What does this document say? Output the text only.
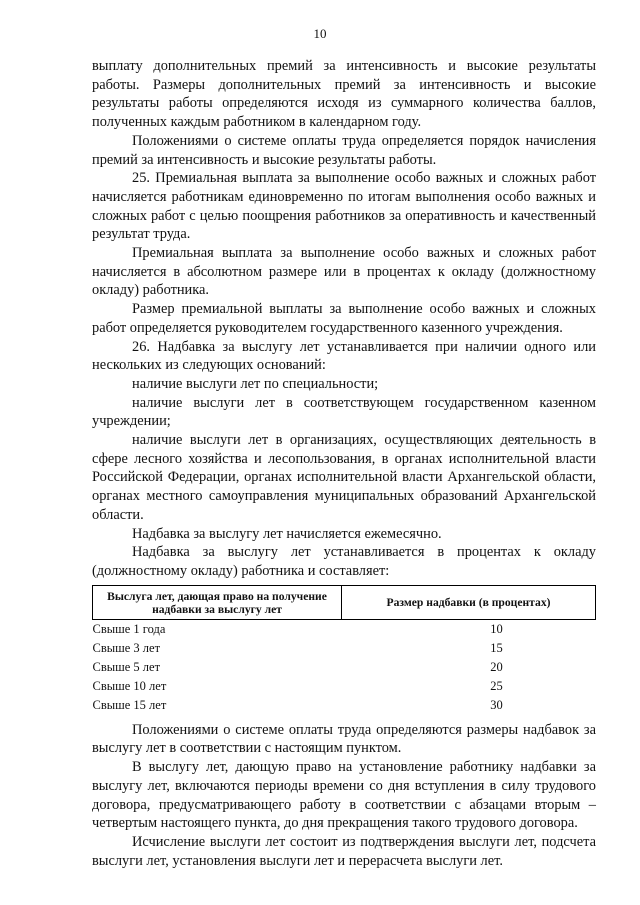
10

выплату дополнительных премий за интенсивность и высокие результаты работы. Размеры дополнительных премий за интенсивность и высокие результаты работы определяются исходя из суммарного количества баллов, полученных каждым работником в календарном году.

Положениями о системе оплаты труда определяется порядок начисления премий за интенсивность и высокие результаты работы.

25. Премиальная выплата за выполнение особо важных и сложных работ начисляется работникам единовременно по итогам выполнения особо важных и сложных работ с целью поощрения работников за оперативность и качественный результат труда.

Премиальная выплата за выполнение особо важных и сложных работ начисляется в абсолютном размере или в процентах к окладу (должностному окладу) работника.

Размер премиальной выплаты за выполнение особо важных и сложных работ определяется руководителем государственного казенного учреждения.

26. Надбавка за выслугу лет устанавливается при наличии одного или нескольких из следующих оснований:

наличие выслуги лет по специальности;

наличие выслуги лет в соответствующем государственном казенном учреждении;

наличие выслуги лет в организациях, осуществляющих деятельность в сфере лесного хозяйства и лесопользования, в органах исполнительной власти Российской Федерации, органах исполнительной власти Архангельской области, органах местного самоуправления муниципальных образований Архангельской области.

Надбавка за выслугу лет начисляется ежемесячно.

Надбавка за выслугу лет устанавливается в процентах к окладу (должностному окладу) работника и составляет:

Выслуга лет, дающая право на получение надбавки за выслугу лет	Размер надбавки (в процентах)
Свыше 1 года	10
Свыше 3 лет	15
Свыше 5 лет	20
Свыше 10 лет	25
Свыше 15 лет	30

Положениями о системе оплаты труда определяются размеры надбавок за выслугу лет в соответствии с настоящим пунктом.

В выслугу лет, дающую право на установление работнику надбавки за выслугу лет, включаются периоды времени со дня вступления в силу трудового договора, предусматривающего работу в соответствии с абзацами вторым – четвертым настоящего пункта, до дня прекращения такого трудового договора.

Исчисление выслуги лет состоит из подтверждения выслуги лет, подсчета выслуги лет, установления выслуги лет и перерасчета выслуги лет.
